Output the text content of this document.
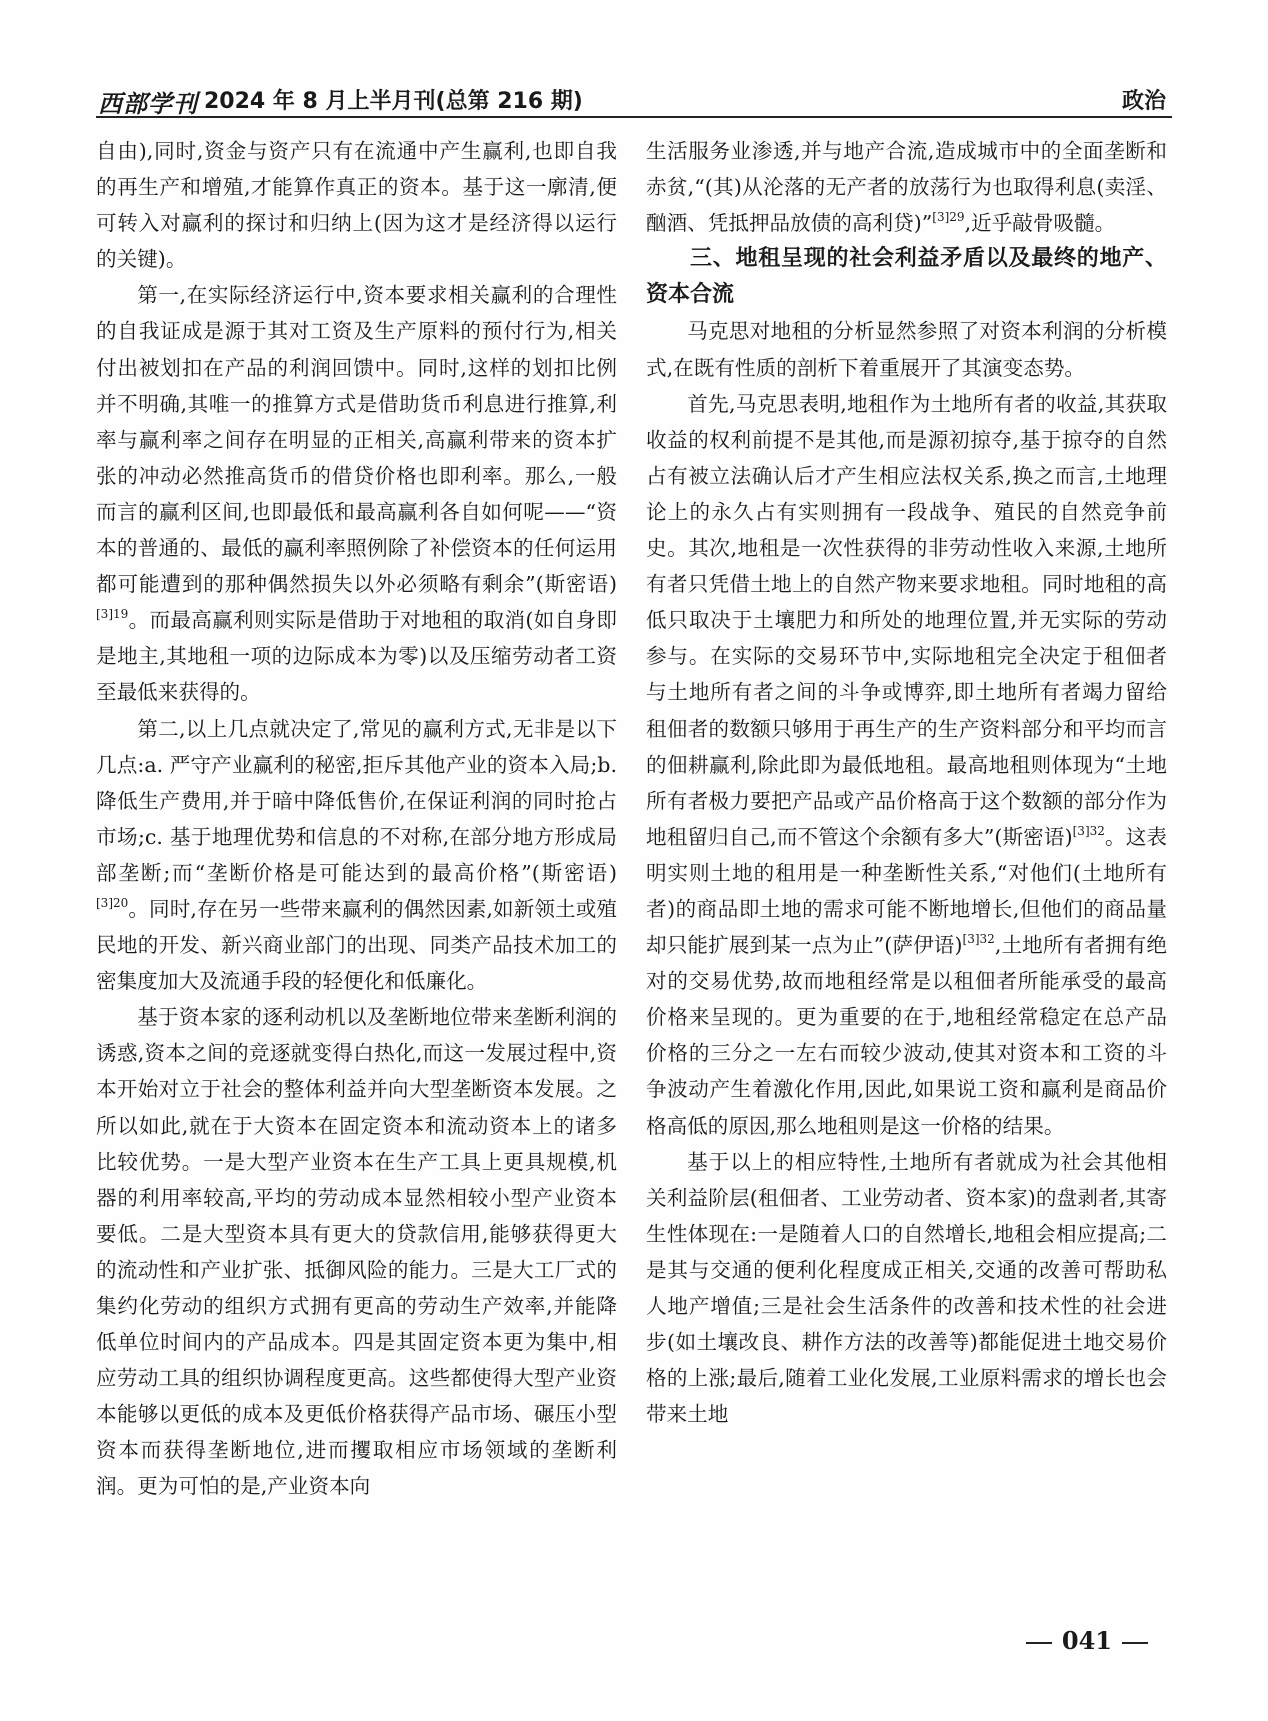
西部学刊 2024 年 8 月上半月刊(总第 216 期)	政治

自由),同时,资金与资产只有在流通中产生赢利,也即自我的再生产和增殖,才能算作真正的资本。基于这一廓清,便可转入对赢利的探讨和归纳上(因为这才是经济得以运行的关键)。

第一,在实际经济运行中,资本要求相关赢利的合理性的自我证成是源于其对工资及生产原料的预付行为,相关付出被划扣在产品的利润回馈中。同时,这样的划扣比例并不明确,其唯一的推算方式是借助货币利息进行推算,利率与赢利率之间存在明显的正相关,高赢利带来的资本扩张的冲动必然推高货币的借贷价格也即利率。那么,一般而言的赢利区间,也即最低和最高赢利各自如何呢——“资本的普通的、最低的赢利率照例除了补偿资本的任何运用都可能遭到的那种偶然损失以外必须略有剩余”(斯密语)$^{[3]19}$。而最高赢利则实际是借助于对地租的取消(如自身即是地主,其地租一项的边际成本为零)以及压缩劳动者工资至最低来获得的。

第二,以上几点就决定了,常见的赢利方式,无非是以下几点:a. 严守产业赢利的秘密,拒斥其他产业的资本入局;b. 降低生产费用,并于暗中降低售价,在保证利润的同时抢占市场;c. 基于地理优势和信息的不对称,在部分地方形成局部垄断;而“垄断价格是可能达到的最高价格”(斯密语)$^{[3]20}$。同时,存在另一些带来赢利的偶然因素,如新领土或殖民地的开发、新兴商业部门的出现、同类产品技术加工的密集度加大及流通手段的轻便化和低廉化。

基于资本家的逐利动机以及垄断地位带来垄断利润的诱惑,资本之间的竞逐就变得白热化,而这一发展过程中,资本开始对立于社会的整体利益并向大型垄断资本发展。之所以如此,就在于大资本在固定资本和流动资本上的诸多比较优势。一是大型产业资本在生产工具上更具规模,机器的利用率较高,平均的劳动成本显然相较小型产业资本要低。二是大型资本具有更大的贷款信用,能够获得更大的流动性和产业扩张、抵御风险的能力。三是大工厂式的集约化劳动的组织方式拥有更高的劳动生产效率,并能降低单位时间内的产品成本。四是其固定资本更为集中,相应劳动工具的组织协调程度更高。这些都使得大型产业资本能够以更低的成本及更低价格获得产品市场、碾压小型资本而获得垄断地位,进而攫取相应市场领域的垄断利润。更为可怕的是,产业资本向

生活服务业渗透,并与地产合流,造成城市中的全面垄断和赤贫,“(其)从沦落的无产者的放荡行为也取得利息(卖淫、酗酒、凭抵押品放债的高利贷)”$^{[3]29}$,近乎敲骨吸髓。

三、地租呈现的社会利益矛盾以及最终的地产、资本合流

马克思对地租的分析显然参照了对资本利润的分析模式,在既有性质的剖析下着重展开了其演变态势。

首先,马克思表明,地租作为土地所有者的收益,其获取收益的权利前提不是其他,而是源初掠夺,基于掠夺的自然占有被立法确认后才产生相应法权关系,换之而言,土地理论上的永久占有实则拥有一段战争、殖民的自然竞争前史。其次,地租是一次性获得的非劳动性收入来源,土地所有者只凭借土地上的自然产物来要求地租。同时地租的高低只取决于土壤肥力和所处的地理位置,并无实际的劳动参与。在实际的交易环节中,实际地租完全决定于租佃者与土地所有者之间的斗争或博弈,即土地所有者竭力留给租佃者的数额只够用于再生产的生产资料部分和平均而言的佃耕赢利,除此即为最低地租。最高地租则体现为“土地所有者极力要把产品或产品价格高于这个数额的部分作为地租留归自己,而不管这个余额有多大”(斯密语)$^{[3]32}$。这表明实则土地的租用是一种垄断性关系,“对他们(土地所有者)的商品即土地的需求可能不断地增长,但他们的商品量却只能扩展到某一点为止”(萨伊语)$^{[3]32}$,土地所有者拥有绝对的交易优势,故而地租经常是以租佃者所能承受的最高价格来呈现的。更为重要的在于,地租经常稳定在总产品价格的三分之一左右而较少波动,使其对资本和工资的斗争波动产生着激化作用,因此,如果说工资和赢利是商品价格高低的原因,那么地租则是这一价格的结果。

基于以上的相应特性,土地所有者就成为社会其他相关利益阶层(租佃者、工业劳动者、资本家)的盘剥者,其寄生性体现在:一是随着人口的自然增长,地租会相应提高;二是其与交通的便利化程度成正相关,交通的改善可帮助私人地产增值;三是社会生活条件的改善和技术性的社会进步(如土壤改良、耕作方法的改善等)都能促进土地交易价格的上涨;最后,随着工业化发展,工业原料需求的增长也会带来土地

041
